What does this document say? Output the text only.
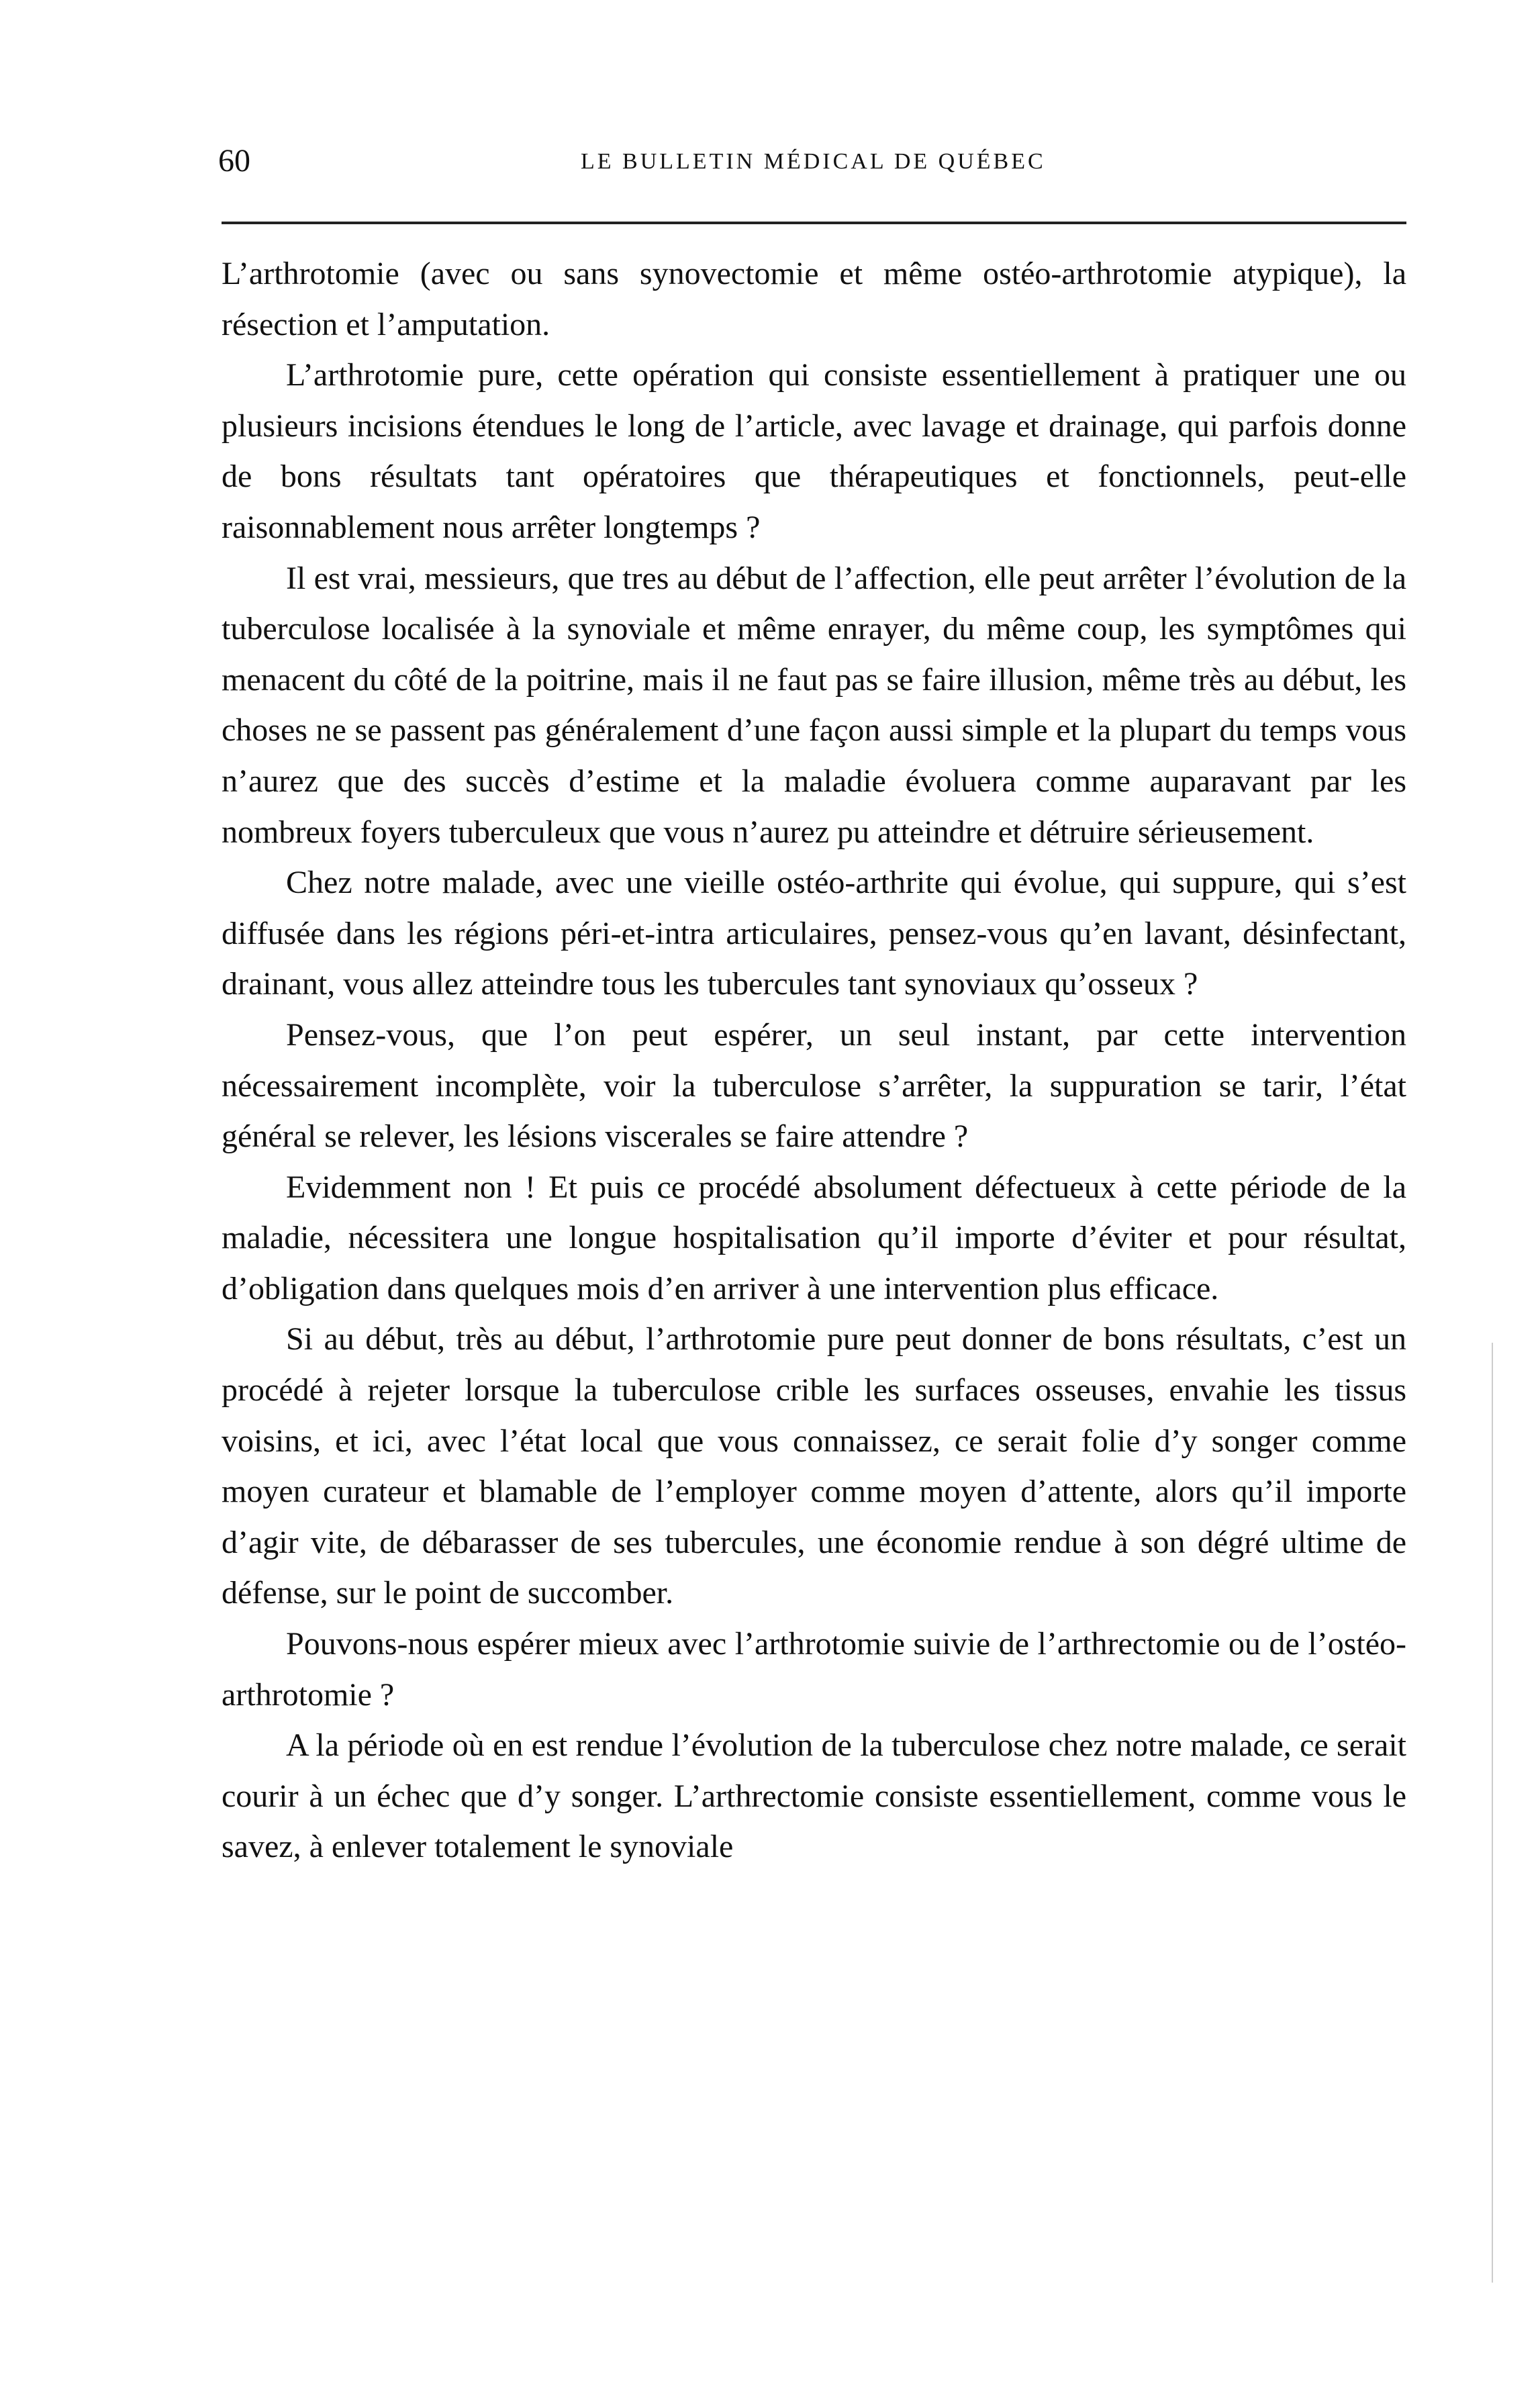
60	LE BULLETIN MÉDICAL DE QUÉBEC

L’arthrotomie (avec ou sans synovectomie et même ostéo-arthrotomie atypique), la résection et l’amputation.

L’arthrotomie pure, cette opération qui consiste essentiellement à pratiquer une ou plusieurs incisions étendues le long de l’article, avec lavage et drainage, qui parfois donne de bons résultats tant opératoires que thérapeutiques et fonctionnels, peut-elle raisonnablement nous arrêter longtemps ?

Il est vrai, messieurs, que tres au début de l’affection, elle peut arrêter l’évolution de la tuberculose localisée à la synoviale et même enrayer, du même coup, les symptômes qui menacent du côté de la poitrine, mais il ne faut pas se faire illusion, même très au début, les choses ne se passent pas généralement d’une façon aussi simple et la plupart du temps vous n’aurez que des succès d’estime et la maladie évoluera comme auparavant par les nombreux foyers tuberculeux que vous n’aurez pu atteindre et détruire sérieusement.

Chez notre malade, avec une vieille ostéo-arthrite qui évolue, qui suppure, qui s’est diffusée dans les régions péri-et-intra articulaires, pensez-vous qu’en lavant, désinfectant, drainant, vous allez atteindre tous les tubercules tant synoviaux qu’osseux ?

Pensez-vous, que l’on peut espérer, un seul instant, par cette intervention nécessairement incomplète, voir la tuberculose s’arrêter, la suppuration se tarir, l’état général se relever, les lésions viscerales se faire attendre ?

Evidemment non ! Et puis ce procédé absolument défectueux à cette période de la maladie, nécessitera une longue hospitalisation qu’il importe d’éviter et pour résultat, d’obligation dans quelques mois d’en arriver à une intervention plus efficace.

Si au début, très au début, l’arthrotomie pure peut donner de bons résultats, c’est un procédé à rejeter lorsque la tuberculose crible les surfaces osseuses, envahie les tissus voisins, et ici, avec l’état local que vous connaissez, ce serait folie d’y songer comme moyen curateur et blamable de l’employer comme moyen d’attente, alors qu’il importe d’agir vite, de débarasser de ses tubercules, une économie rendue à son dégré ultime de défense, sur le point de succomber.

Pouvons-nous espérer mieux avec l’arthrotomie suivie de l’arthrectomie ou de l’ostéo-arthrotomie ?

A la période où en est rendue l’évolution de la tuberculose chez notre malade, ce serait courir à un échec que d’y songer. L’arthrectomie consiste essentiellement, comme vous le savez, à enlever totalement le synoviale
